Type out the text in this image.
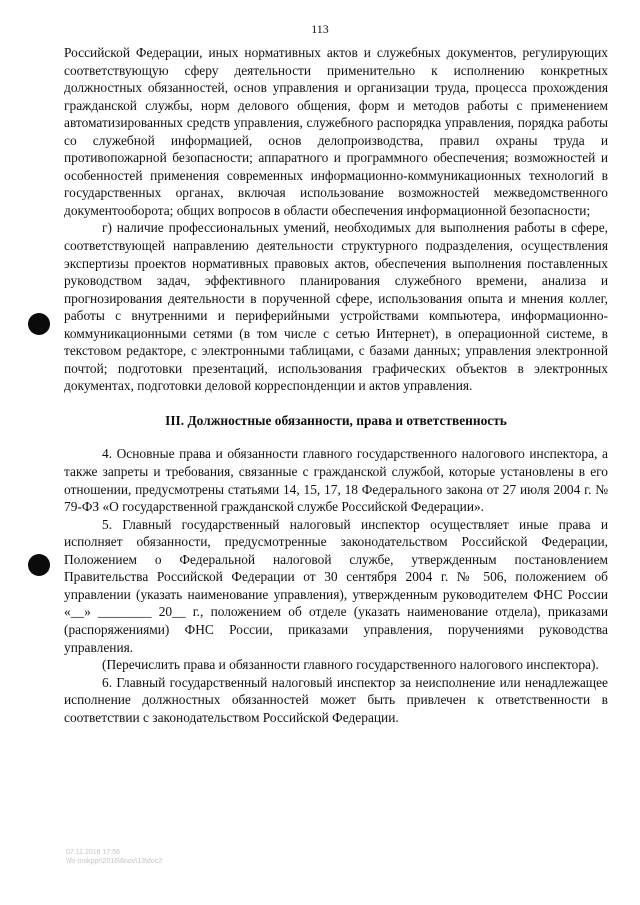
113

Российской Федерации, иных нормативных актов и служебных документов, регулирующих соответствующую сферу деятельности применительно к исполнению конкретных должностных обязанностей, основ управления и организации труда, процесса прохождения гражданской службы, норм делового общения, форм и методов работы с применением автоматизированных средств управления, служебного распорядка управления, порядка работы со служебной информацией, основ делопроизводства, правил охраны труда и противопожарной безопасности; аппаратного и программного обеспечения; возможностей и особенностей применения современных информационно-коммуникационных технологий в государственных органах, включая использование возможностей межведомственного документооборота; общих вопросов в области обеспечения информационной безопасности;

г) наличие профессиональных умений, необходимых для выполнения работы в сфере, соответствующей направлению деятельности структурного подразделения, осуществления экспертизы проектов нормативных правовых актов, обеспечения выполнения поставленных руководством задач, эффективного планирования служебного времени, анализа и прогнозирования деятельности в порученной сфере, использования опыта и мнения коллег, работы с внутренними и периферийными устройствами компьютера, информационно-коммуникационными сетями (в том числе с сетью Интернет), в операционной системе, в текстовом редакторе, с электронными таблицами, с базами данных; управления электронной почтой; подготовки презентаций, использования графических объектов в электронных документах, подготовки деловой корреспонденции и актов управления.

III. Должностные обязанности, права и ответственность

4. Основные права и обязанности главного государственного налогового инспектора, а также запреты и требования, связанные с гражданской службой, которые установлены в его отношении, предусмотрены статьями 14, 15, 17, 18 Федерального закона от 27 июля 2004 г. № 79-ФЗ «О государственной гражданской службе Российской Федерации».

5. Главный государственный налоговый инспектор осуществляет иные права и исполняет обязанности, предусмотренные законодательством Российской Федерации, Положением о Федеральной налоговой службе, утвержденным постановлением Правительства Российской Федерации от 30 сентября 2004 г. № 506, положением об управлении (указать наименование управления), утвержденным руководителем ФНС России «__» ________ 20__ г., положением об отделе (указать наименование отдела), приказами (распоряжениями) ФНС России, приказами управления, поручениями руководства управления.

(Перечислить права и обязанности главного государственного налогового инспектора).

6. Главный государственный налоговый инспектор за неисполнение или ненадлежащее исполнение должностных обязанностей может быть привлечен к ответственности в соответствии с законодательством Российской Федерации.

07.11.2016 17:56
\\fs-mskppr\2016\6nov\13\doc2
